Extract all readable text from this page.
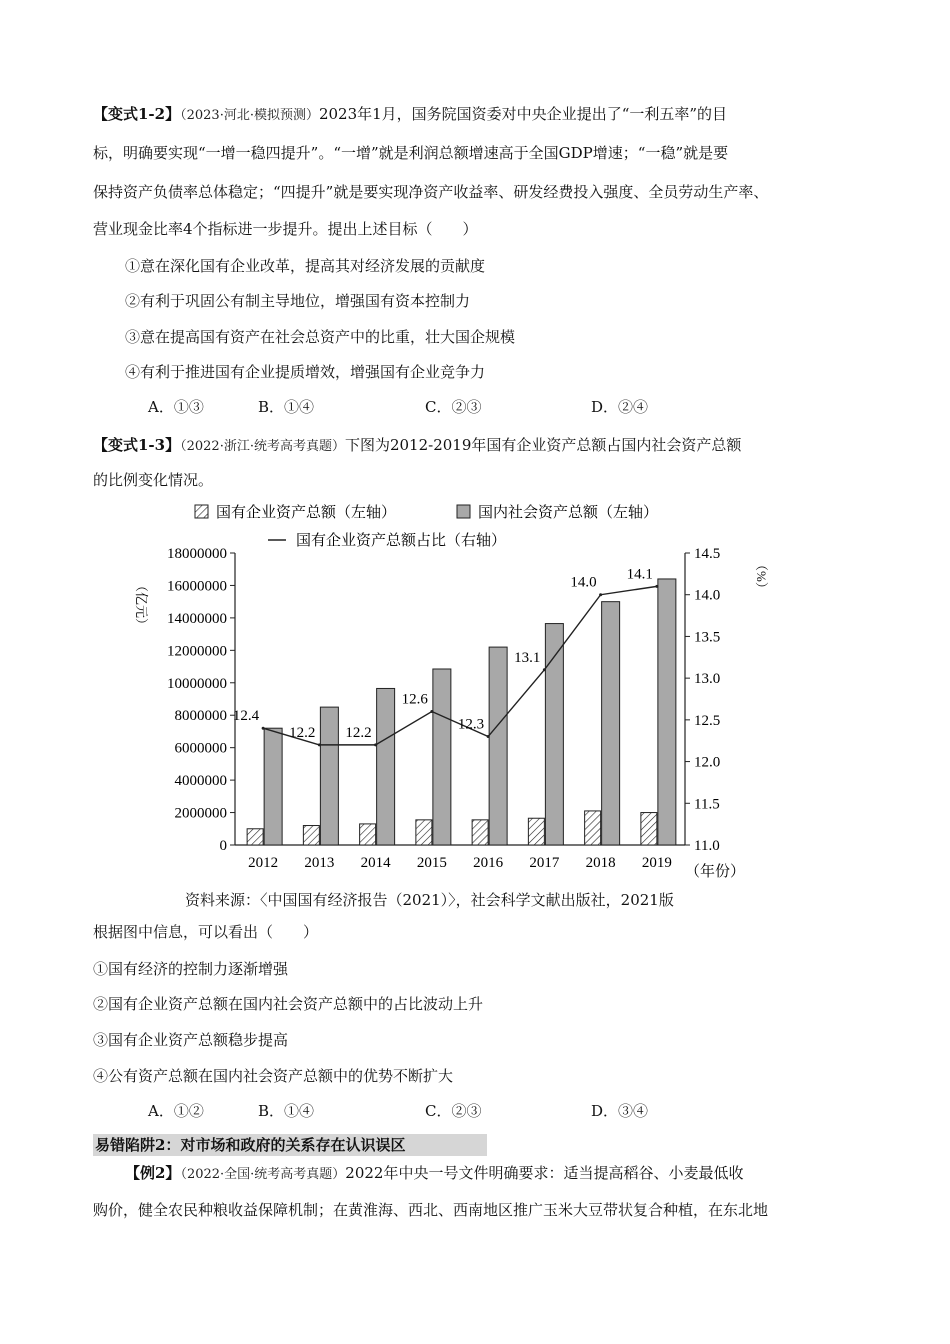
【变式1-2】（2023·河北·模拟预测）2023年1月，国务院国资委对中央企业提出了“一利五率”的目
标，明确要实现“一增一稳四提升”。“一增”就是利润总额增速高于全国GDP增速；“一稳”就是要
保持资产负债率总体稳定；“四提升”就是要实现净资产收益率、研发经费投入强度、全员劳动生产率、
营业现金比率4个指标进一步提升。提出上述目标（　　）
①意在深化国有企业改革，提高其对经济发展的贡献度
②有利于巩固公有制主导地位，增强国有资本控制力
③意在提高国有资产在社会总资产中的比重，壮大国企规模
④有利于推进国有企业提质增效，增强国有企业竞争力
A．①③	B．①④	C．②③	D．②④
【变式1-3】（2022·浙江·统考高考真题）下图为2012-2019年国有企业资产总额占国内社会资产总额
的比例变化情况。
国有企业资产总额（左轴）	国内社会资产总额（左轴）
国有企业资产总额占比（右轴）
（亿元）
（%）
（年份）
0
2000000
4000000
6000000
8000000
10000000
12000000
14000000
16000000
18000000
11.0
11.5
12.0
12.5
13.0
13.5
14.0
14.5
2012 2013 2014 2015 2016 2017 2018 2019
12.4
12.2 12.2
12.6
12.3
13.1
14.0
14.1
资料来源：〈中国国有经济报告（2021）〉，社会科学文献出版社，2021版
根据图中信息，可以看出（　　）
①国有经济的控制力逐渐增强
②国有企业资产总额在国内社会资产总额中的占比波动上升
③国有企业资产总额稳步提高
④公有资产总额在国内社会资产总额中的优势不断扩大
A．①②	B．①④	C．②③	D．③④
易错陷阱2：对市场和政府的关系存在认识误区
【例2】（2022·全国·统考高考真题）2022年中央一号文件明确要求：适当提高稻谷、小麦最低收
购价，健全农民种粮收益保障机制；在黄淮海、西北、西南地区推广玉米大豆带状复合种植，在东北地
